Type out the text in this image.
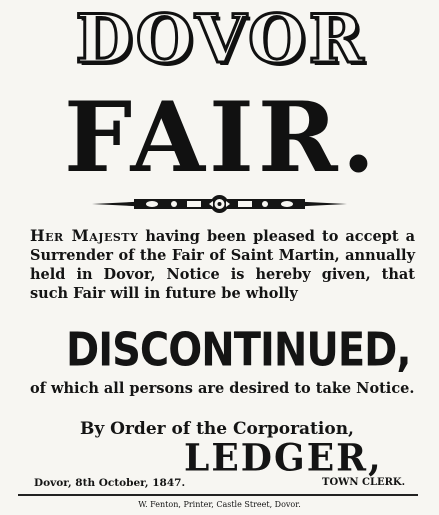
DOVOR
FAIR.
Her Majesty having been pleased to accept a Surrender of the Fair of Saint Martin, annually held in Dovor, Notice is hereby given, that such Fair will in future be wholly
DISCONTINUED,
of which all persons are desired to take Notice.
By Order of the Corporation,
LEDGER,
Dovor, 8th October, 1847.	TOWN CLERK.
W. Fenton, Printer, Castle Street, Dovor.
